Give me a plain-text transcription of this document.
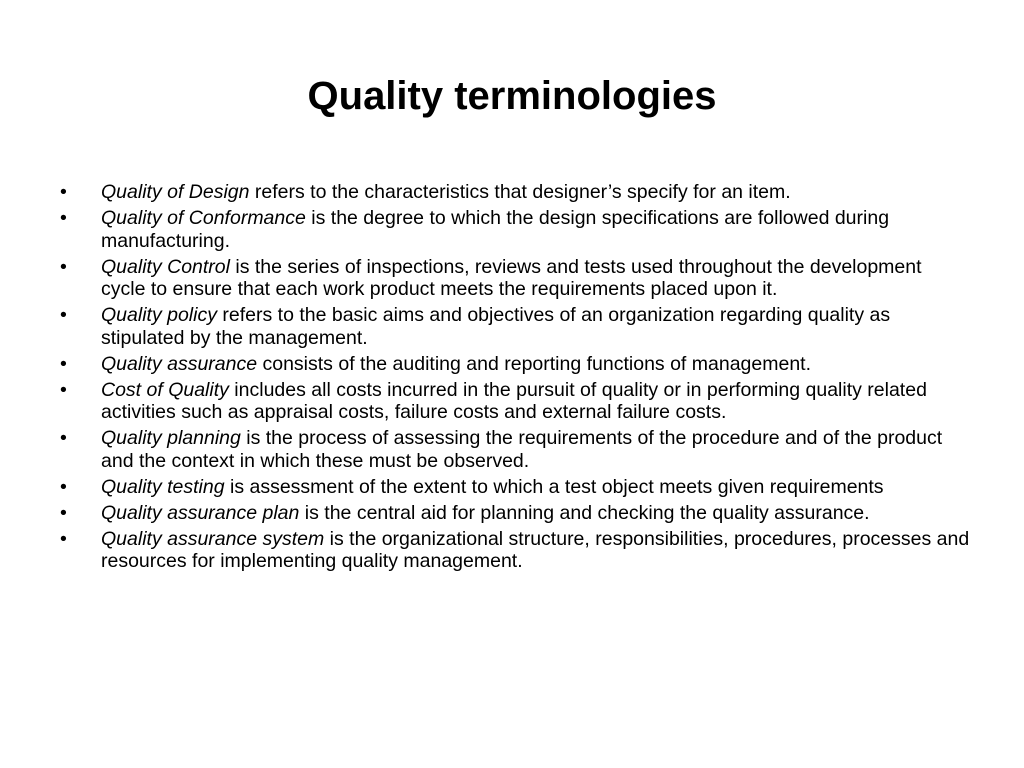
Quality terminologies
•	Quality of Design refers to the characteristics that designer’s specify for an item.
•	Quality of Conformance is the degree to which the design specifications are followed during manufacturing.
•	Quality Control is the series of inspections, reviews and tests used throughout the development cycle to ensure that each work product meets the requirements placed upon it.
•	Quality policy refers to the basic aims and objectives of an organization regarding quality as stipulated by the management.
•	Quality assurance consists of the auditing and reporting functions of management.
•	Cost of Quality includes all costs incurred in the pursuit of quality or in performing quality related activities such as appraisal costs, failure costs and external failure costs.
•	Quality planning is the process of assessing the requirements of the procedure and of the product and the context in which these must be observed.
•	Quality testing is assessment of the extent to which a test object meets given requirements
•	Quality assurance plan is the central aid for planning and checking the quality assurance.
•	Quality assurance system is the organizational structure, responsibilities, procedures, processes and resources for implementing quality management.
